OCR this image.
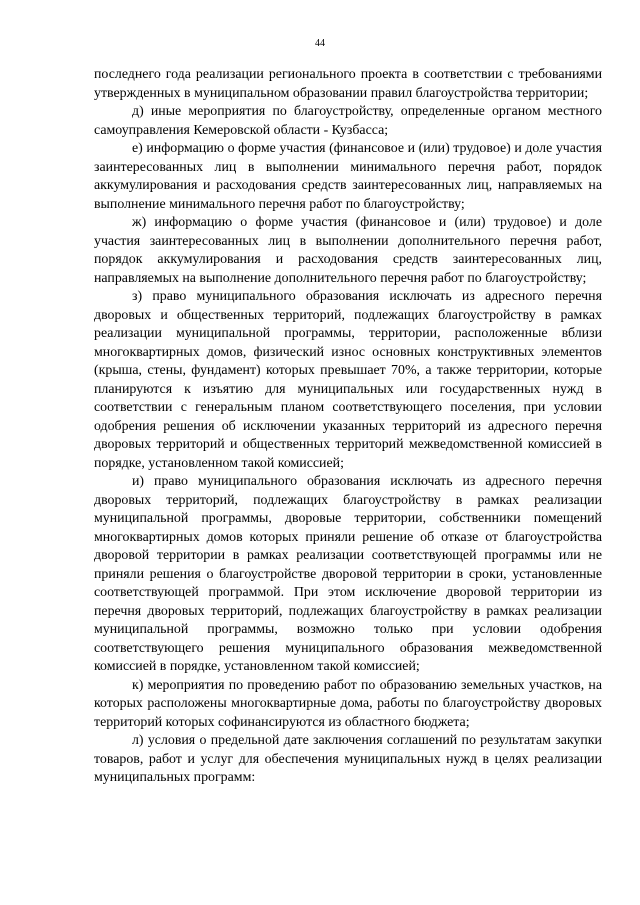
44

последнего года реализации регионального проекта в соответствии с требованиями утвержденных в муниципальном образовании правил благоустройства территории;

д) иные мероприятия по благоустройству, определенные органом местного самоуправления Кемеровской области - Кузбасса;

е) информацию о форме участия (финансовое и (или) трудовое) и доле участия заинтересованных лиц в выполнении минимального перечня работ, порядок аккумулирования и расходования средств заинтересованных лиц, направляемых на выполнение минимального перечня работ по благоустройству;

ж) информацию о форме участия (финансовое и (или) трудовое) и доле участия заинтересованных лиц в выполнении дополнительного перечня работ, порядок аккумулирования и расходования средств заинтересованных лиц, направляемых на выполнение дополнительного перечня работ по благоустройству;

з) право муниципального образования исключать из адресного перечня дворовых и общественных территорий, подлежащих благоустройству в рамках реализации муниципальной программы, территории, расположенные вблизи многоквартирных домов, физический износ основных конструктивных элементов (крыша, стены, фундамент) которых превышает 70%, а также территории, которые планируются к изъятию для муниципальных или государственных нужд в соответствии с генеральным планом соответствующего поселения, при условии одобрения решения об исключении указанных территорий из адресного перечня дворовых территорий и общественных территорий межведомственной комиссией в порядке, установленном такой комиссией;

и) право муниципального образования исключать из адресного перечня дворовых территорий, подлежащих благоустройству в рамках реализации муниципальной программы, дворовые территории, собственники помещений многоквартирных домов которых приняли решение об отказе от благоустройства дворовой территории в рамках реализации соответствующей программы или не приняли решения о благоустройстве дворовой территории в сроки, установленные соответствующей программой. При этом исключение дворовой территории из перечня дворовых территорий, подлежащих благоустройству в рамках реализации муниципальной программы, возможно только при условии одобрения соответствующего решения муниципального образования межведомственной комиссией в порядке, установленном такой комиссией;

к) мероприятия по проведению работ по образованию земельных участков, на которых расположены многоквартирные дома, работы по благоустройству дворовых территорий которых софинансируются из областного бюджета;

л) условия о предельной дате заключения соглашений по результатам закупки товаров, работ и услуг для обеспечения муниципальных нужд в целях реализации муниципальных программ:
